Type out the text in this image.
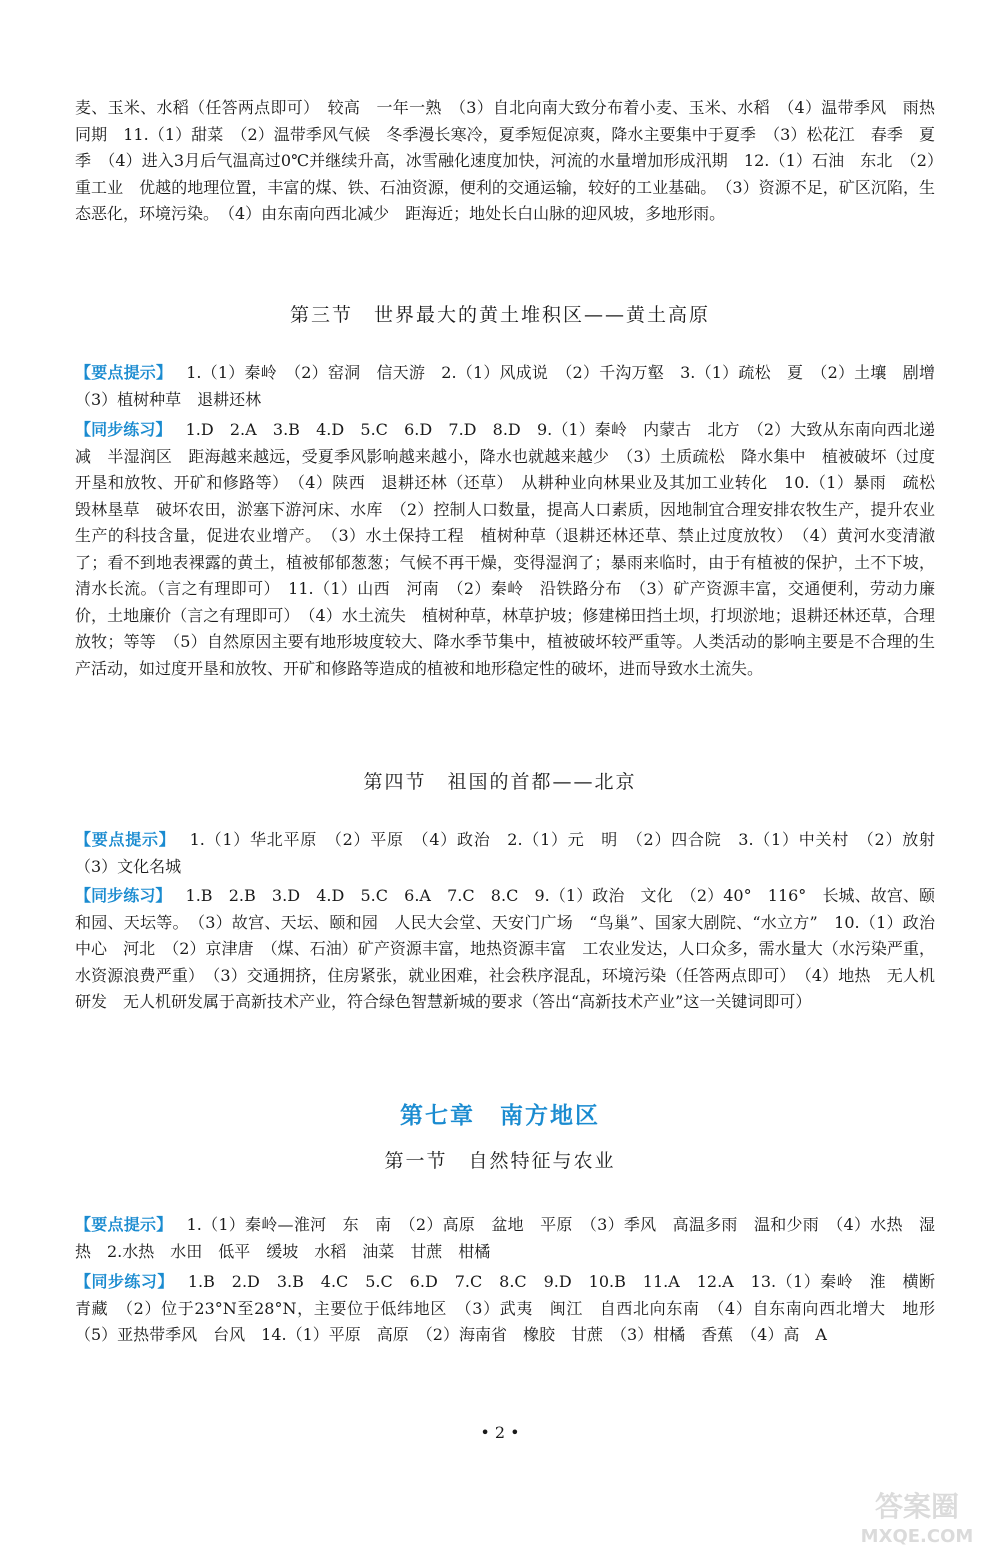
麦、玉米、水稻（任答两点即可）　较高　一年一熟　（3）自北向南大致分布着小麦、玉米、水稻　（4）温带季风　雨热同期　11.（1）甜菜　（2）温带季风气候　冬季漫长寒冷，夏季短促凉爽，降水主要集中于夏季　（3）松花江　春季　夏季　（4）进入3月后气温高过0℃并继续升高，冰雪融化速度加快，河流的水量增加形成汛期　12.（1）石油　东北　（2）重工业　优越的地理位置，丰富的煤、铁、石油资源，便利的交通运输，较好的工业基础。　（3）资源不足，矿区沉陷，生态恶化，环境污染。　（4）由东南向西北减少　距海近；地处长白山脉的迎风坡，多地形雨。

第三节　世界最大的黄土堆积区——黄土高原

【要点提示】 1.（1）秦岭　（2）窑洞　信天游　2.（1）风成说　（2）千沟万壑　3.（1）疏松　夏　（2）土壤　剧增　（3）植树种草　退耕还林

【同步练习】 1.D　2.A　3.B　4.D　5.C　6.D　7.D　8.D　9.（1）秦岭　内蒙古　北方　（2）大致从东南向西北递减　半湿润区　距海越来越远，受夏季风影响越来越小，降水也就越来越少　（3）土质疏松　降水集中　植被破坏（过度开垦和放牧、开矿和修路等）　（4）陕西　退耕还林（还草）　从耕种业向林果业及其加工业转化　10.（1）暴雨　疏松　毁林垦草　破坏农田，淤塞下游河床、水库　（2）控制人口数量，提高人口素质，因地制宜合理安排农牧生产，提升农业生产的科技含量，促进农业增产。　（3）水土保持工程　植树种草（退耕还林还草、禁止过度放牧）　（4）黄河水变清澈了；看不到地表裸露的黄土，植被郁郁葱葱；气候不再干燥，变得湿润了；暴雨来临时，由于有植被的保护，土不下坡，清水长流。（言之有理即可）　11.（1）山西　河南　（2）秦岭　沿铁路分布　（3）矿产资源丰富，交通便利，劳动力廉价，土地廉价（言之有理即可）　（4）水土流失　植树种草，林草护坡；修建梯田挡土坝，打坝淤地；退耕还林还草，合理放牧；等等　（5）自然原因主要有地形坡度较大、降水季节集中，植被破坏较严重等。人类活动的影响主要是不合理的生产活动，如过度开垦和放牧、开矿和修路等造成的植被和地形稳定性的破坏，进而导致水土流失。

第四节　祖国的首都——北京

【要点提示】 1.（1）华北平原　（2）平原　（4）政治　2.（1）元　明　（2）四合院　3.（1）中关村　（2）放射　（3）文化名城

【同步练习】 1.B　2.B　3.D　4.D　5.C　6.A　7.C　8.C　9.（1）政治　文化　（2）40°　116°　长城、故宫、颐和园、天坛等。　（3）故宫、天坛、颐和园　人民大会堂、天安门广场　“鸟巢”、国家大剧院、“水立方”　10.（1）政治中心　河北　（2）京津唐　（煤、石油）矿产资源丰富，地热资源丰富　工农业发达，人口众多，需水量大（水污染严重，水资源浪费严重）　（3）交通拥挤，住房紧张，就业困难，社会秩序混乱，环境污染（任答两点即可）　（4）地热　无人机研发　无人机研发属于高新技术产业，符合绿色智慧新城的要求（答出“高新技术产业”这一关键词即可）

第七章　南方地区
第一节　自然特征与农业

【要点提示】 1.（1）秦岭—淮河　东　南　（2）高原　盆地　平原　（3）季风　高温多雨　温和少雨　（4）水热　湿热　2.水热　水田　低平　缓坡　水稻　油菜　甘蔗　柑橘

【同步练习】 1.B　2.D　3.B　4.C　5.C　6.D　7.C　8.C　9.D　10.B　11.A　12.A　13.（1）秦岭　淮　横断　青藏　（2）位于23°N至28°N，主要位于低纬地区　（3）武夷　闽江　自西北向东南　（4）自东南向西北增大　地形　（5）亚热带季风　台风　14.（1）平原　高原　（2）海南省　橡胶　甘蔗　（3）柑橘　香蕉　（4）高　A

• 2 •
答案圈
MXQE.COM
